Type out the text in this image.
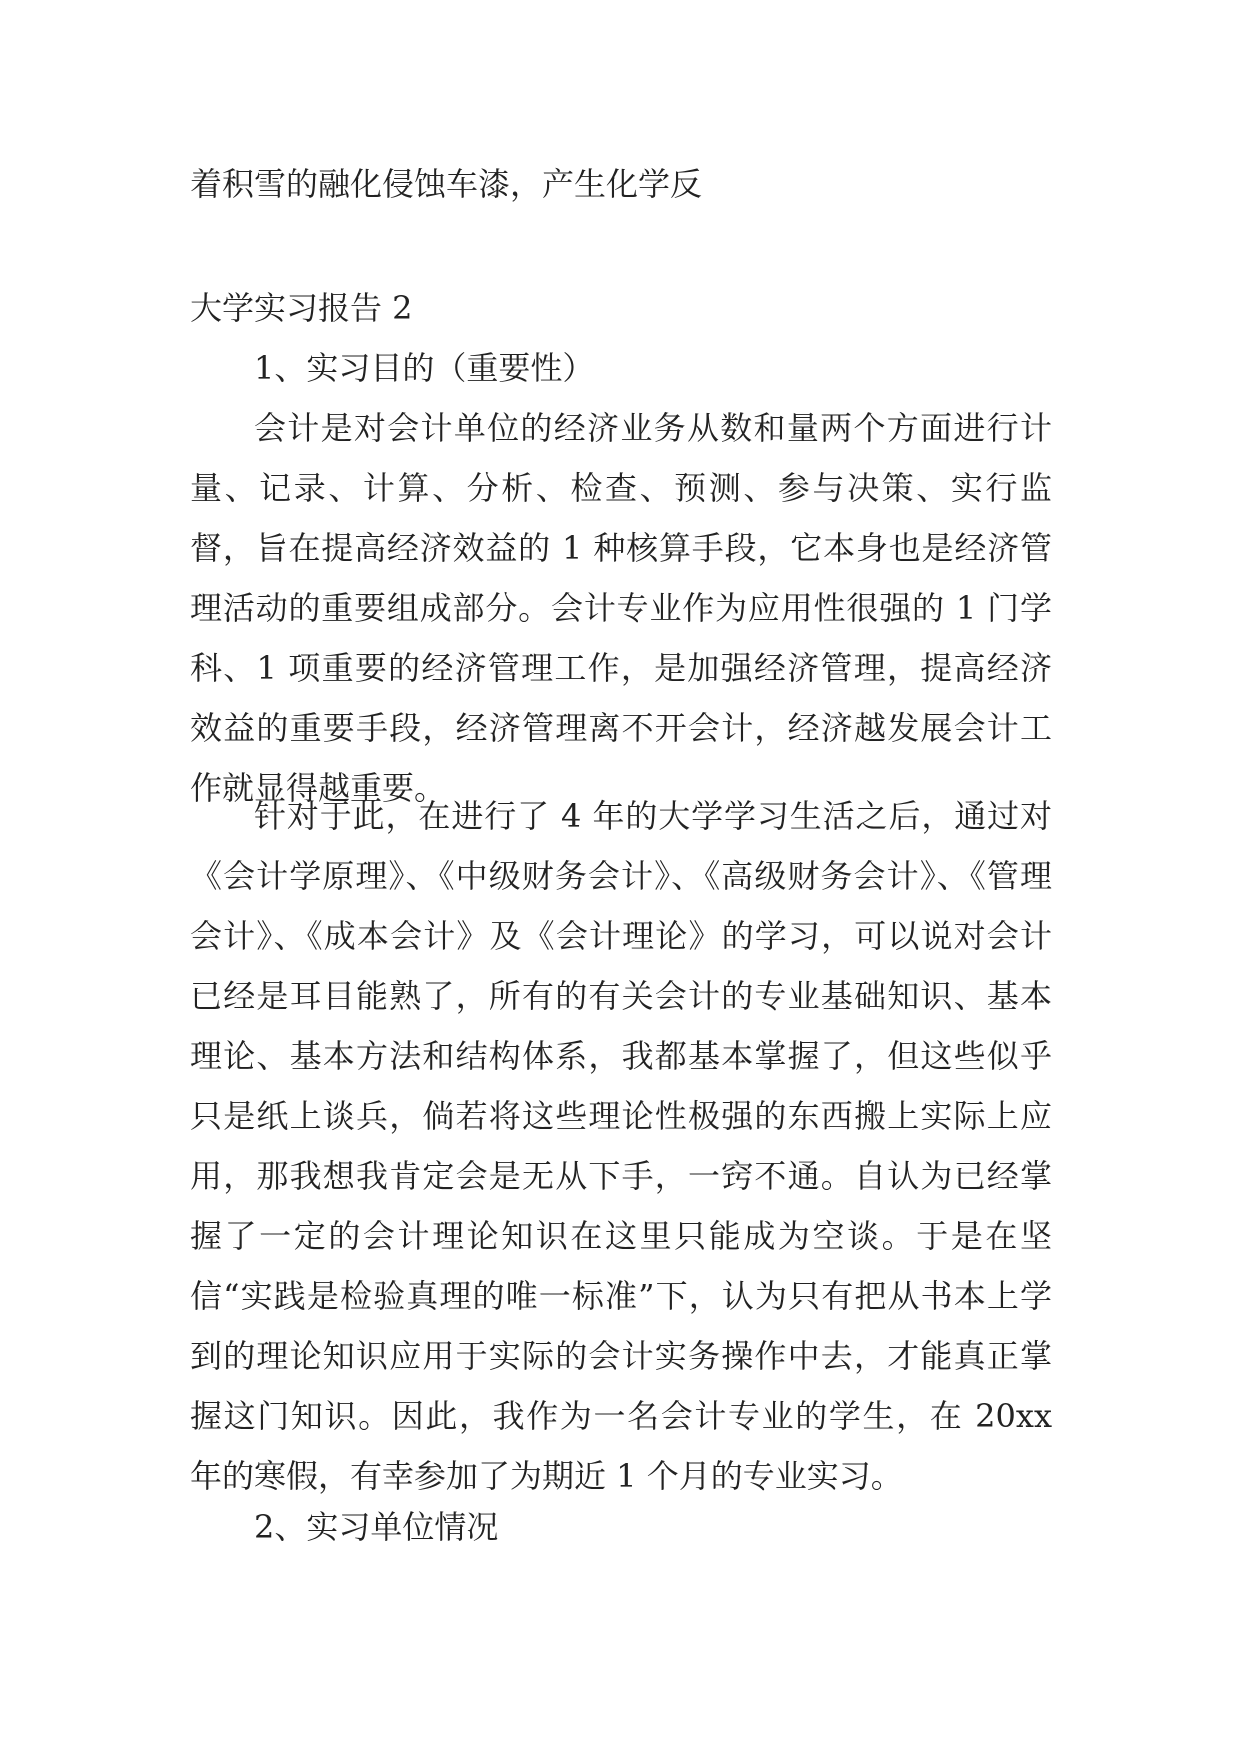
着积雪的融化侵蚀车漆，产生化学反

大学实习报告 2

1、实习目的（重要性）

会计是对会计单位的经济业务从数和量两个方面进行计量、记录、计算、分析、检查、预测、参与决策、实行监督，旨在提高经济效益的 1 种核算手段，它本身也是经济管理活动的重要组成部分。会计专业作为应用性很强的 1 门学科、1 项重要的经济管理工作，是加强经济管理，提高经济效益的重要手段，经济管理离不开会计，经济越发展会计工作就显得越重要。

针对于此，在进行了 4 年的大学学习生活之后，通过对《会计学原理》、《中级财务会计》、《高级财务会计》、《管理会计》、《成本会计》及《会计理论》的学习，可以说对会计已经是耳目能熟了，所有的有关会计的专业基础知识、基本理论、基本方法和结构体系，我都基本掌握了，但这些似乎只是纸上谈兵，倘若将这些理论性极强的东西搬上实际上应用，那我想我肯定会是无从下手，一窍不通。自认为已经掌握了一定的会计理论知识在这里只能成为空谈。于是在坚信“实践是检验真理的唯一标准”下，认为只有把从书本上学到的理论知识应用于实际的会计实务操作中去，才能真正掌握这门知识。因此，我作为一名会计专业的学生，在 20xx 年的寒假，有幸参加了为期近 1 个月的专业实习。

2、实习单位情况
